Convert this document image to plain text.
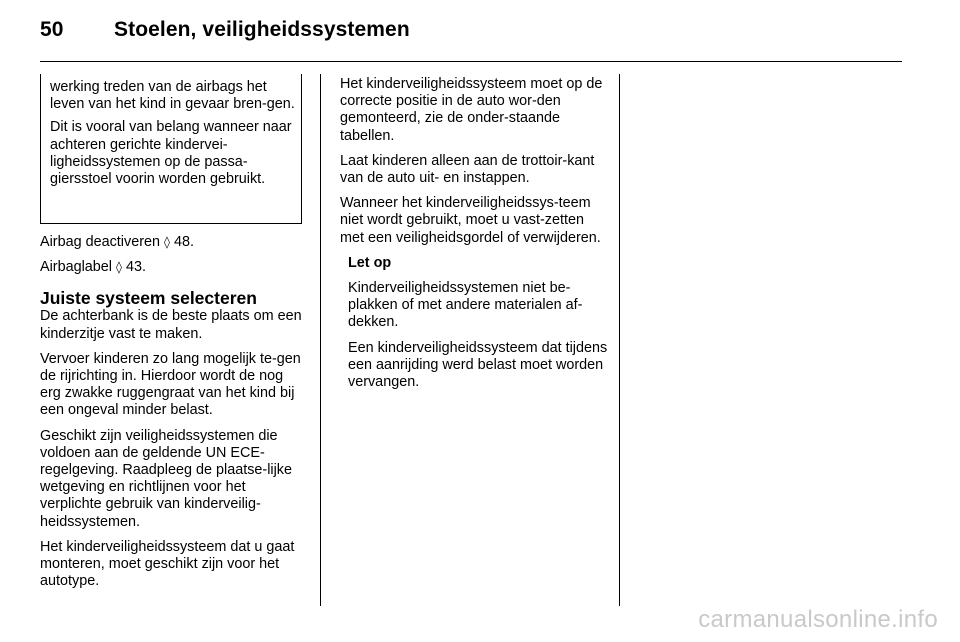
50 Stoelen, veiligheidssystemen

werking treden van de airbags het leven van het kind in gevaar bren-gen.

Dit is vooral van belang wanneer naar achteren gerichte kindervei-ligheidssystemen op de passa-giersstoel voorin worden gebruikt.

Airbag deactiveren ◊ 48.

Airbaglabel ◊ 43.

Juiste systeem selecteren

De achterbank is de beste plaats om een kinderzitje vast te maken.

Vervoer kinderen zo lang mogelijk te-gen de rijrichting in. Hierdoor wordt de nog erg zwakke ruggengraat van het kind bij een ongeval minder belast.

Geschikt zijn veiligheidssystemen die voldoen aan de geldende UN ECE-regelgeving. Raadpleeg de plaatse-lijke wetgeving en richtlijnen voor het verplichte gebruik van kinderveilig-heidssystemen.

Het kinderveiligheidssysteem dat u gaat monteren, moet geschikt zijn voor het autotype.

Het kinderveiligheidssysteem moet op de correcte positie in de auto wor-den gemonteerd, zie de onder-staande tabellen.

Laat kinderen alleen aan de trottoir-kant van de auto uit- en instappen.

Wanneer het kinderveiligheidssys-teem niet wordt gebruikt, moet u vast-zetten met een veiligheidsgordel of verwijderen.

Let op

Kinderveiligheidssystemen niet be-plakken of met andere materialen af-dekken.

Een kinderveiligheidssysteem dat tijdens een aanrijding werd belast moet worden vervangen.

carmanualsonline.info
